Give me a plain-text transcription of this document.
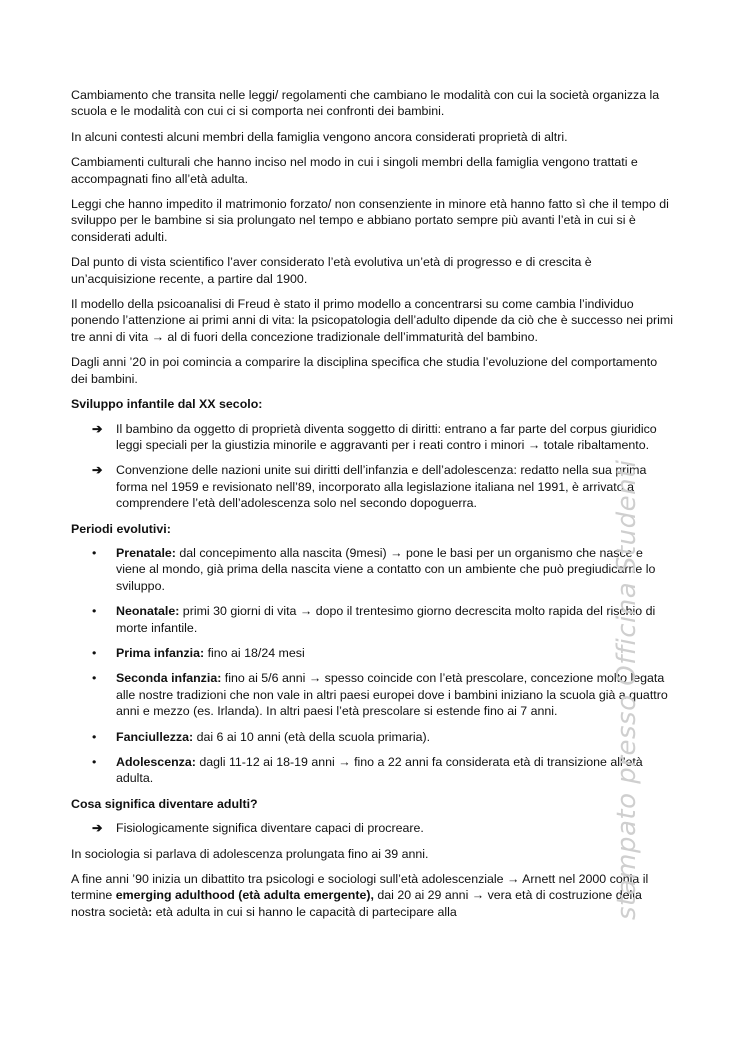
Cambiamento che transita nelle leggi/ regolamenti che cambiano le modalità con cui la società organizza la scuola e le modalità con cui ci si comporta nei confronti dei bambini.

In alcuni contesti alcuni membri della famiglia vengono ancora considerati proprietà di altri.

Cambiamenti culturali che hanno inciso nel modo in cui i singoli membri della famiglia vengono trattati e accompagnati fino all’età adulta.

Leggi che hanno impedito il matrimonio forzato/ non consenziente in minore età hanno fatto sì che il tempo di sviluppo per le bambine si sia prolungato nel tempo e abbiano portato sempre più avanti l’età in cui si è considerati adulti.

Dal punto di vista scientifico l’aver considerato l’età evolutiva un’età di progresso e di crescita è un’acquisizione recente, a partire dal 1900.

Il modello della psicoanalisi di Freud è stato il primo modello a concentrarsi su come cambia l’individuo ponendo l’attenzione ai primi anni di vita: la psicopatologia dell’adulto dipende da ciò che è successo nei primi tre anni di vita → al di fuori della concezione tradizionale dell’immaturità del bambino.

Dagli anni ’20 in poi comincia a comparire la disciplina specifica che studia l’evoluzione del comportamento dei bambini.

Sviluppo infantile dal XX secolo:
➔ Il bambino da oggetto di proprietà diventa soggetto di diritti: entrano a far parte del corpus giuridico leggi speciali per la giustizia minorile e aggravanti per i reati contro i minori → totale ribaltamento.
➔ Convenzione delle nazioni unite sui diritti dell’infanzia e dell’adolescenza: redatto nella sua prima forma nel 1959 e revisionato nell’89, incorporato alla legislazione italiana nel 1991, è arrivato a comprendere l’età dell’adolescenza solo nel secondo dopoguerra.
Periodi evolutivi:
• Prenatale: dal concepimento alla nascita (9mesi) → pone le basi per un organismo che nasce e viene al mondo, già prima della nascita viene a contatto con un ambiente che può pregiudicarne lo sviluppo.
• Neonatale: primi 30 giorni di vita → dopo il trentesimo giorno decrescita molto rapida del rischio di morte infantile.
• Prima infanzia: fino ai 18/24 mesi
• Seconda infanzia: fino ai 5/6 anni → spesso coincide con l’età prescolare, concezione molto legata alle nostre tradizioni che non vale in altri paesi europei dove i bambini iniziano la scuola già a quattro anni e mezzo (es. Irlanda). In altri paesi l’età prescolare si estende fino ai 7 anni.
• Fanciullezza: dai 6 ai 10 anni (età della scuola primaria).
• Adolescenza: dagli 11-12 ai 18-19 anni → fino a 22 anni fa considerata età di transizione all’età adulta.
Cosa significa diventare adulti?
➔ Fisiologicamente significa diventare capaci di procreare.

In sociologia si parlava di adolescenza prolungata fino ai 39 anni.

A fine anni ’90 inizia un dibattito tra psicologi e sociologi sull’età adolescenziale → Arnett nel 2000 conia il termine emerging adulthood (età adulta emergente), dai 20 ai 29 anni → vera età di costruzione della nostra società: età adulta in cui si hanno le capacità di partecipare alla	stampato presso Officina Studenti
